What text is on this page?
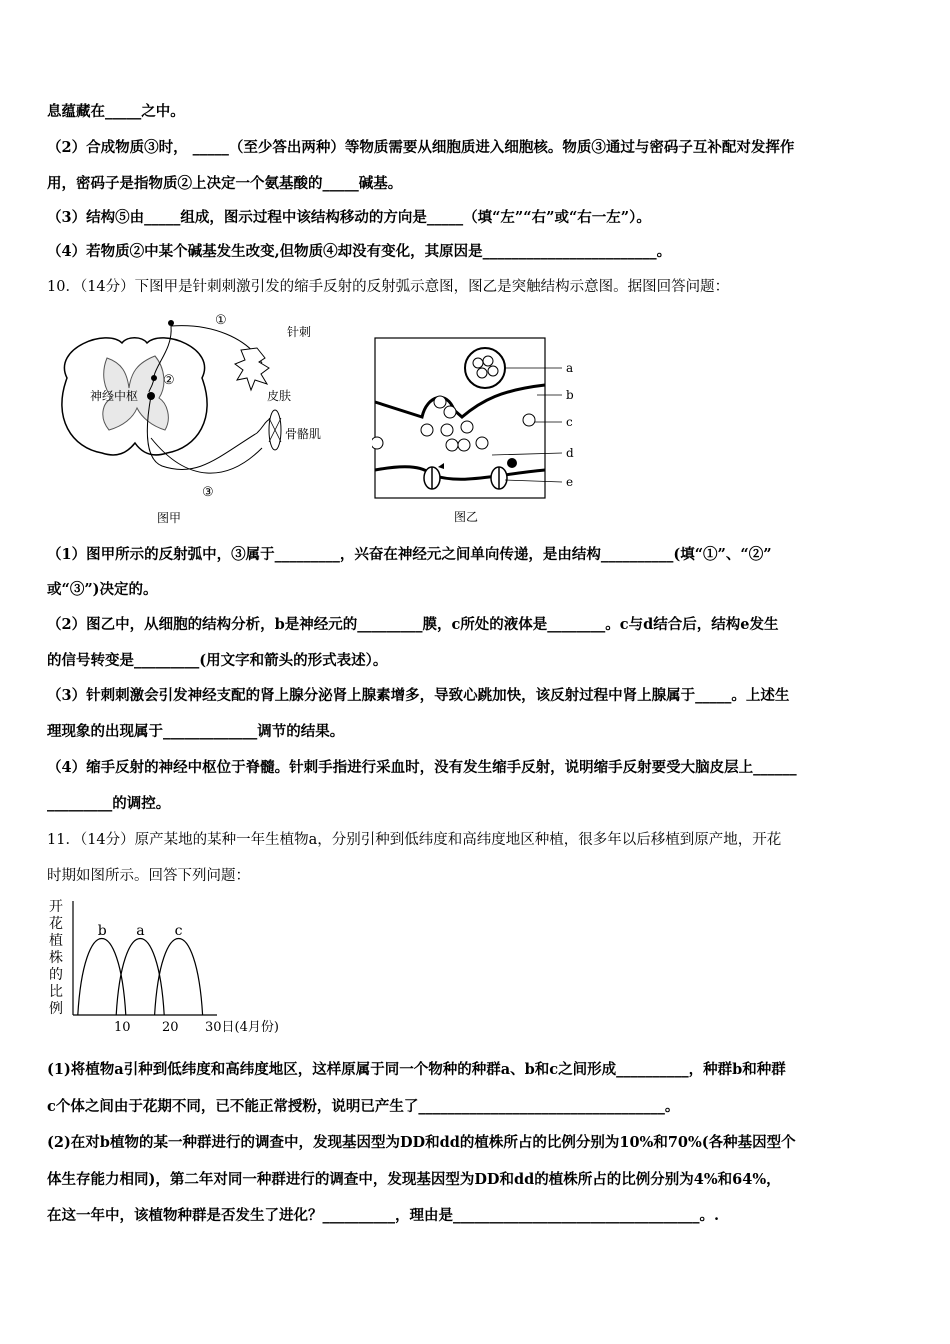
息蕴藏在_____之中。
（2）合成物质③时， _____（至少答出两种）等物质需要从细胞质进入细胞核。物质③通过与密码子互补配对发挥作
用，密码子是指物质②上决定一个氨基酸的_____碱基。
（3）结构⑤由_____组成，图示过程中该结构移动的方向是_____（填“左”“右”或“右一左”）。
（4）若物质②中某个碱基发生改变,但物质④却没有变化，其原因是________________________。
10．（14分）下图甲是针刺刺激引发的缩手反射的反射弧示意图，图乙是突触结构示意图。据图回答问题：
神经中枢
①
针刺
皮肤
②
骨骼肌
③
图甲
a
b
c
d
e
图乙
（1）图甲所示的反射弧中，③属于_________，兴奋在神经元之间单向传递，是由结构__________(填“①”、“②”
或“③”)决定的。
（2）图乙中，从细胞的结构分析，b是神经元的_________膜，c所处的液体是________。c与d结合后，结构e发生
的信号转变是_________(用文字和箭头的形式表述）。
（3）针刺刺激会引发神经支配的肾上腺分泌肾上腺素增多，导致心跳加快，该反射过程中肾上腺属于_____。上述生
理现象的出现属于_____________调节的结果。
（4）缩手反射的神经中枢位于脊髓。针刺手指进行采血时，没有发生缩手反射，说明缩手反射要受大脑皮层上______
_________的调控。
11．（14分）原产某地的某种一年生植物a，分别引种到低纬度和高纬度地区种植，很多年以后移植到原产地，开花
时期如图所示。回答下列问题：
开
花
植
株
的
比
例
b a c
10 20 30日(4月份)
(1)将植物a引种到低纬度和高纬度地区，这样原属于同一个物种的种群a、b和c之间形成__________，种群b和种群
c个体之间由于花期不同，已不能正常授粉，说明已产生了__________________________________。
(2)在对b植物的某一种群进行的调查中，发现基因型为DD和dd的植株所占的比例分别为10%和70%(各种基因型个
体生存能力相同)，第二年对同一种群进行的调查中，发现基因型为DD和dd的植株所占的比例分别为4%和64%，
在这一年中，该植物种群是否发生了进化？__________，理由是__________________________________。.
